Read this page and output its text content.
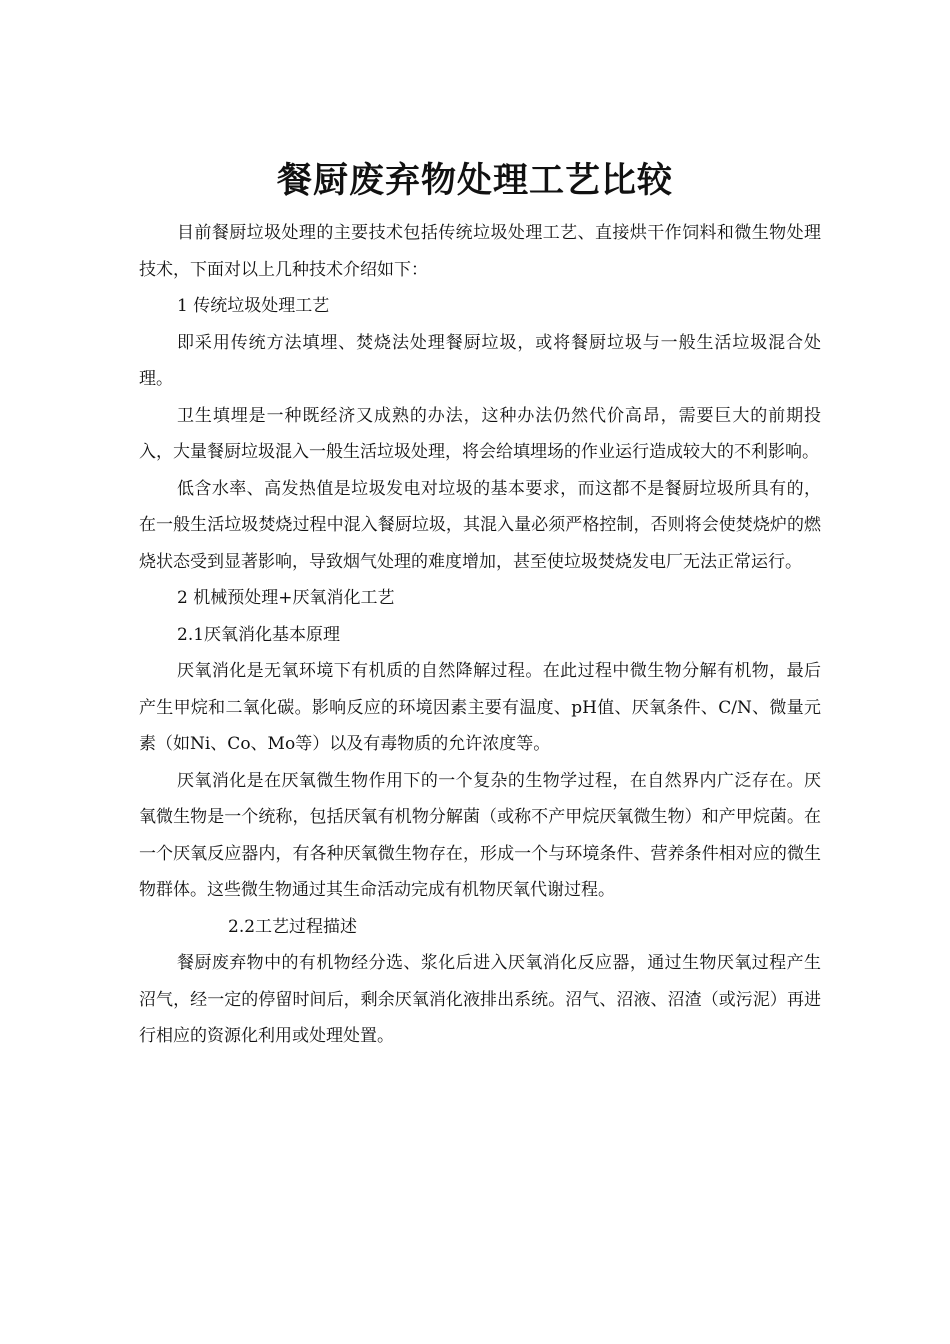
餐厨废弃物处理工艺比较

目前餐厨垃圾处理的主要技术包括传统垃圾处理工艺、直接烘干作饲料和微生物处理技术，下面对以上几种技术介绍如下：

1 传统垃圾处理工艺

即采用传统方法填埋、焚烧法处理餐厨垃圾，或将餐厨垃圾与一般生活垃圾混合处理。

卫生填埋是一种既经济又成熟的办法，这种办法仍然代价高昂，需要巨大的前期投入，大量餐厨垃圾混入一般生活垃圾处理，将会给填埋场的作业运行造成较大的不利影响。

低含水率、高发热值是垃圾发电对垃圾的基本要求，而这都不是餐厨垃圾所具有的，在一般生活垃圾焚烧过程中混入餐厨垃圾，其混入量必须严格控制，否则将会使焚烧炉的燃烧状态受到显著影响，导致烟气处理的难度增加，甚至使垃圾焚烧发电厂无法正常运行。

2 机械预处理+厌氧消化工艺

2.1厌氧消化基本原理

厌氧消化是无氧环境下有机质的自然降解过程。在此过程中微生物分解有机物，最后产生甲烷和二氧化碳。影响反应的环境因素主要有温度、pH值、厌氧条件、C/N、微量元素（如Ni、Co、Mo等）以及有毒物质的允许浓度等。

厌氧消化是在厌氧微生物作用下的一个复杂的生物学过程，在自然界内广泛存在。厌氧微生物是一个统称，包括厌氧有机物分解菌（或称不产甲烷厌氧微生物）和产甲烷菌。在一个厌氧反应器内，有各种厌氧微生物存在，形成一个与环境条件、营养条件相对应的微生物群体。这些微生物通过其生命活动完成有机物厌氧代谢过程。

2.2工艺过程描述

餐厨废弃物中的有机物经分选、浆化后进入厌氧消化反应器，通过生物厌氧过程产生沼气，经一定的停留时间后，剩余厌氧消化液排出系统。沼气、沼液、沼渣（或污泥）再进行相应的资源化利用或处理处置。
